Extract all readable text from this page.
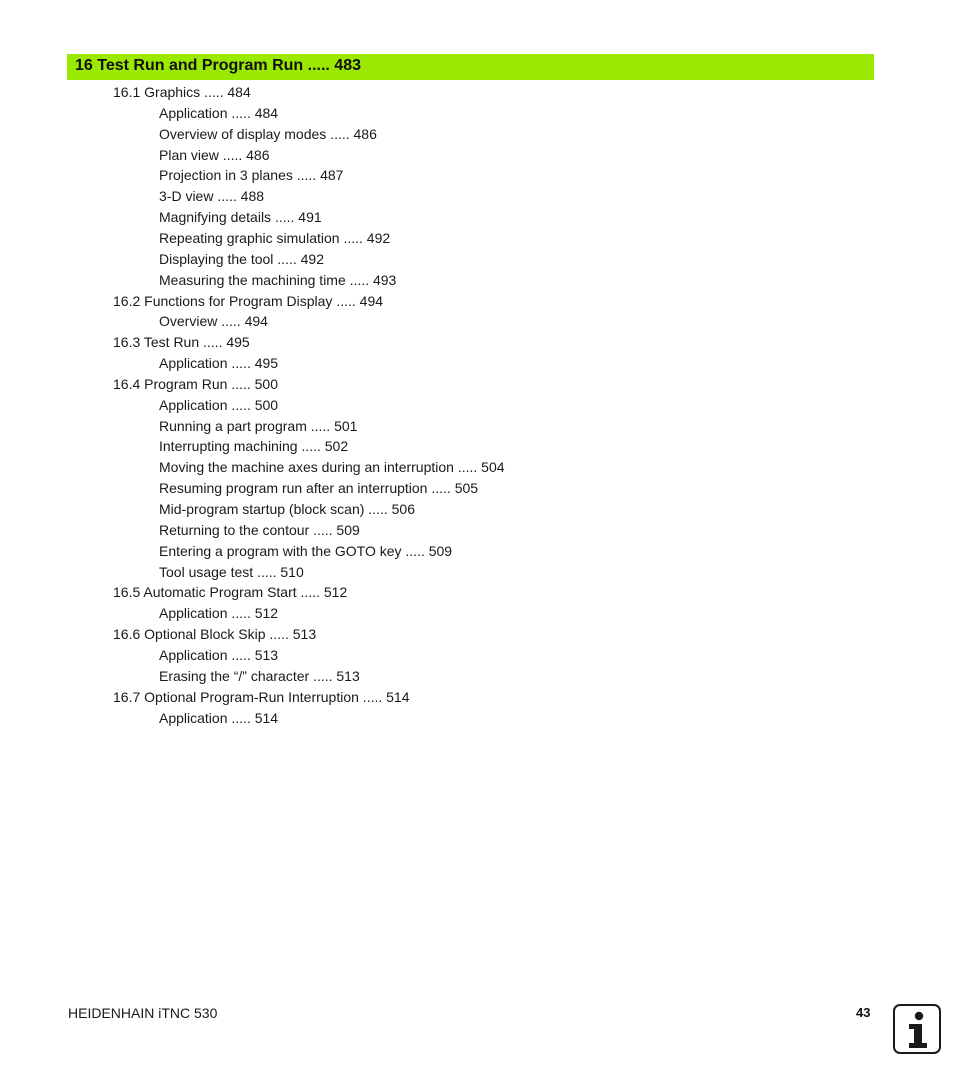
16 Test Run and Program Run ..... 483
16.1 Graphics ..... 484
Application ..... 484
Overview of display modes ..... 486
Plan view ..... 486
Projection in 3 planes ..... 487
3-D view ..... 488
Magnifying details ..... 491
Repeating graphic simulation ..... 492
Displaying the tool ..... 492
Measuring the machining time ..... 493
16.2 Functions for Program Display ..... 494
Overview ..... 494
16.3 Test Run ..... 495
Application ..... 495
16.4 Program Run ..... 500
Application ..... 500
Running a part program ..... 501
Interrupting machining ..... 502
Moving the machine axes during an interruption ..... 504
Resuming program run after an interruption ..... 505
Mid-program startup (block scan) ..... 506
Returning to the contour ..... 509
Entering a program with the GOTO key ..... 509
Tool usage test ..... 510
16.5 Automatic Program Start ..... 512
Application ..... 512
16.6 Optional Block Skip ..... 513
Application ..... 513
Erasing the “/” character ..... 513
16.7 Optional Program-Run Interruption ..... 514
Application ..... 514
HEIDENHAIN iTNC 530	43
